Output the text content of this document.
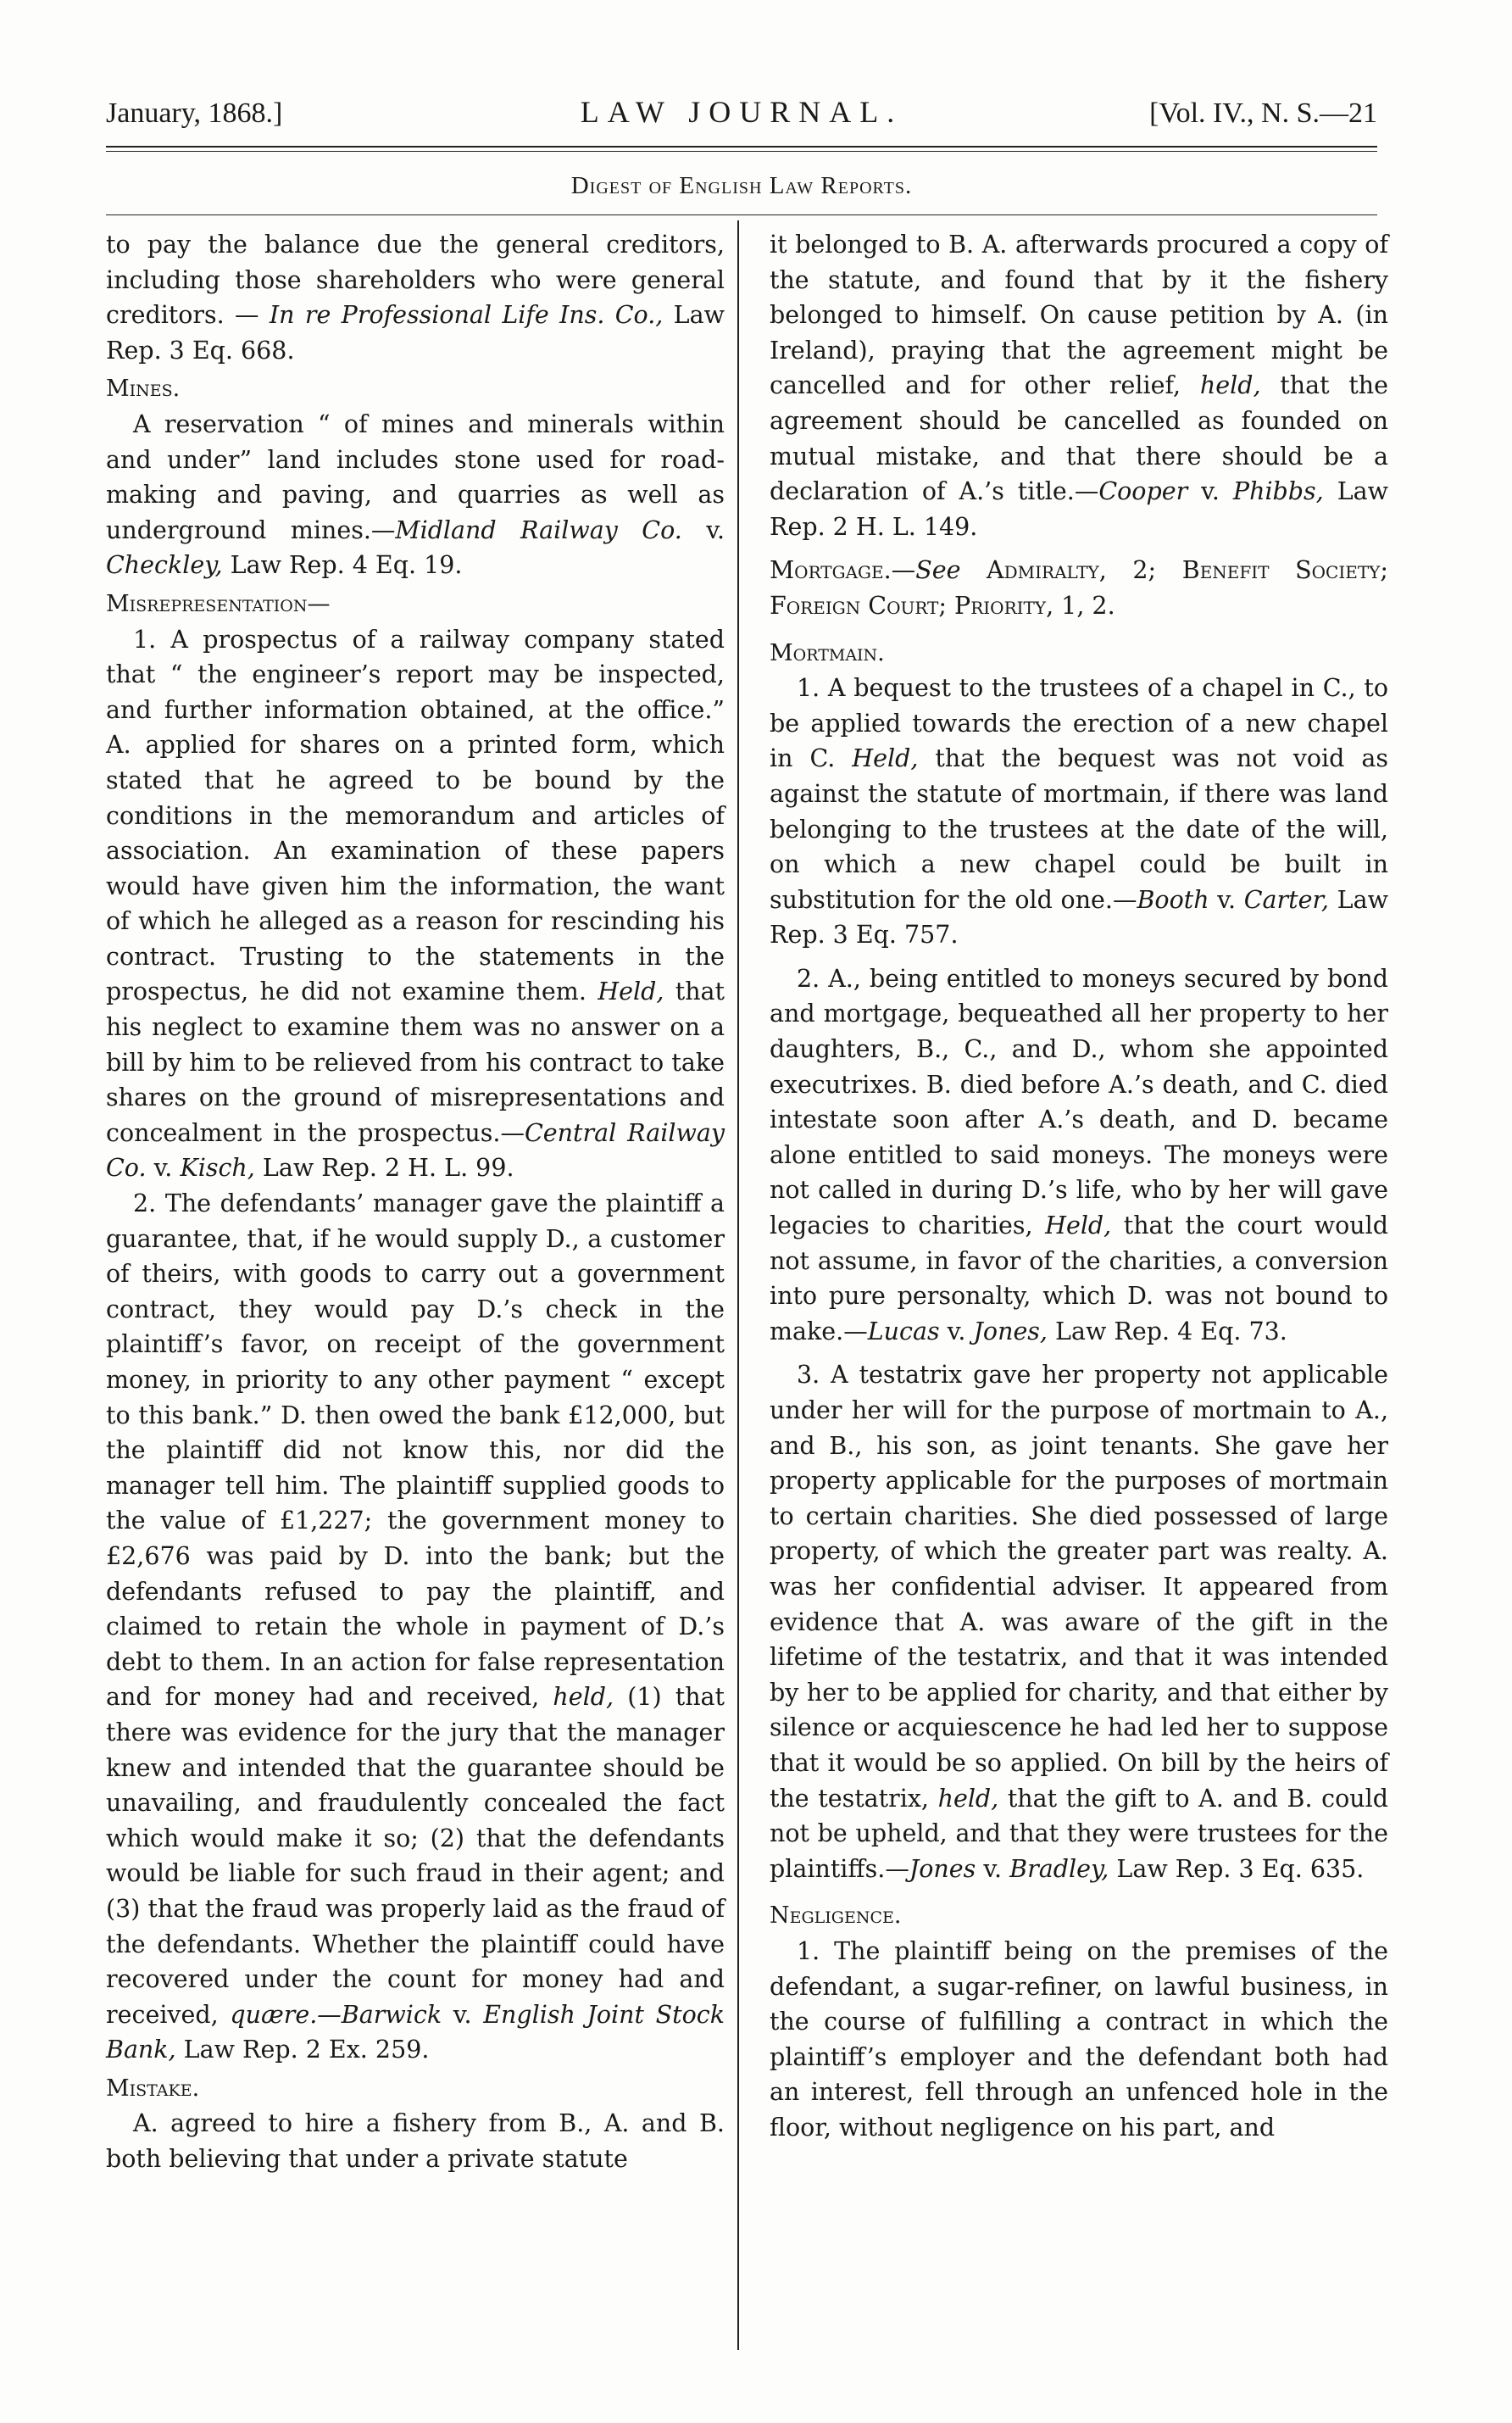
January, 1868.]	LAW JOURNAL.	[Vol. IV., N. S.—21
Digest of English Law Reports.

to pay the balance due the general creditors, including those shareholders who were general creditors. — In re Professional Life Ins. Co., Law Rep. 3 Eq. 668.

Mines.

A reservation “ of mines and minerals within and under” land includes stone used for road-making and paving, and quarries as well as underground mines.—Midland Railway Co. v. Checkley, Law Rep. 4 Eq. 19.

Misrepresentation—

1. A prospectus of a railway company stated that “ the engineer’s report may be inspected, and further information obtained, at the office.” A. applied for shares on a printed form, which stated that he agreed to be bound by the conditions in the memorandum and articles of association. An examination of these papers would have given him the information, the want of which he alleged as a reason for rescinding his contract. Trusting to the statements in the prospectus, he did not examine them. Held, that his neglect to examine them was no answer on a bill by him to be relieved from his contract to take shares on the ground of misrepresentations and concealment in the prospectus.—Central Railway Co. v. Kisch, Law Rep. 2 H. L. 99.

2. The defendants’ manager gave the plaintiff a guarantee, that, if he would supply D., a customer of theirs, with goods to carry out a government contract, they would pay D.’s check in the plaintiff’s favor, on receipt of the government money, in priority to any other payment “ except to this bank.” D. then owed the bank £12,000, but the plaintiff did not know this, nor did the manager tell him. The plaintiff supplied goods to the value of £1,227; the government money to £2,676 was paid by D. into the bank; but the defendants refused to pay the plaintiff, and claimed to retain the whole in payment of D.’s debt to them. In an action for false representation and for money had and received, held, (1) that there was evidence for the jury that the manager knew and intended that the guarantee should be unavailing, and fraudulently concealed the fact which would make it so; (2) that the defendants would be liable for such fraud in their agent; and (3) that the fraud was properly laid as the fraud of the defendants. Whether the plaintiff could have recovered under the count for money had and received, quære.—Barwick v. English Joint Stock Bank, Law Rep. 2 Ex. 259.

Mistake.

A. agreed to hire a fishery from B., A. and B. both believing that under a private statute

it belonged to B. A. afterwards procured a copy of the statute, and found that by it the fishery belonged to himself. On cause petition by A. (in Ireland), praying that the agreement might be cancelled and for other relief, held, that the agreement should be cancelled as founded on mutual mistake, and that there should be a declaration of A.’s title.—Cooper v. Phibbs, Law Rep. 2 H. L. 149.

Mortgage.—See Admiralty, 2; Benefit Society; Foreign Court; Priority, 1, 2.

Mortmain.

1. A bequest to the trustees of a chapel in C., to be applied towards the erection of a new chapel in C. Held, that the bequest was not void as against the statute of mortmain, if there was land belonging to the trustees at the date of the will, on which a new chapel could be built in substitution for the old one.—Booth v. Carter, Law Rep. 3 Eq. 757.

2. A., being entitled to moneys secured by bond and mortgage, bequeathed all her property to her daughters, B., C., and D., whom she appointed executrixes. B. died before A.’s death, and C. died intestate soon after A.’s death, and D. became alone entitled to said moneys. The moneys were not called in during D.’s life, who by her will gave legacies to charities, Held, that the court would not assume, in favor of the charities, a conversion into pure personalty, which D. was not bound to make.—Lucas v. Jones, Law Rep. 4 Eq. 73.

3. A testatrix gave her property not applicable under her will for the purpose of mortmain to A., and B., his son, as joint tenants. She gave her property applicable for the purposes of mortmain to certain charities. She died possessed of large property, of which the greater part was realty. A. was her confidential adviser. It appeared from evidence that A. was aware of the gift in the lifetime of the testatrix, and that it was intended by her to be applied for charity, and that either by silence or acquiescence he had led her to suppose that it would be so applied. On bill by the heirs of the testatrix, held, that the gift to A. and B. could not be upheld, and that they were trustees for the plaintiffs.—Jones v. Bradley, Law Rep. 3 Eq. 635.

Negligence.

1. The plaintiff being on the premises of the defendant, a sugar-refiner, on lawful business, in the course of fulfilling a contract in which the plaintiff’s employer and the defendant both had an interest, fell through an unfenced hole in the floor, without negligence on his part, and
